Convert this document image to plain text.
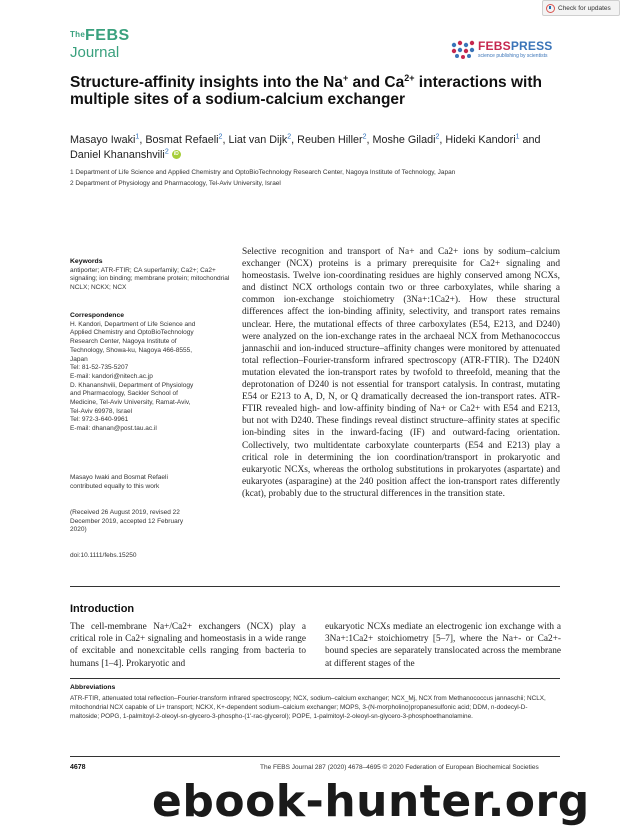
Check for updates
The FEBS
Journal	FEBSPRESS
science publishing by scientists
Structure-affinity insights into the Na+ and $Ca^{2+}$ interactions with multiple sites of a sodium-calcium exchanger
Masayo Iwaki$^1$, Bosmat Refaeli$^2$, Liat van Dijk$^2$, Reuben Hiller$^2$, Moshe Giladi$^2$, Hideki Kandori$^1$ and Daniel Khananshvili$^2$ iD
1 Department of Life Science and Applied Chemistry and OptoBioTechnology Research Center, Nagoya Institute of Technology, Japan
2 Department of Physiology and Pharmacology, Tel-Aviv University, Israel
Keywords
antiporter; ATR-FTIR; CA superfamily; Ca2+; Ca2+ signaling; ion binding; membrane protein; mitochondrial NCLX; NCKX; NCX
Correspondence
H. Kandori, Department of Life Science and
Applied Chemistry and OptoBioTechnology
Research Center, Nagoya Institute of
Technology, Showa-ku, Nagoya 466-8555,
Japan
Tel: 81-52-735-5207
E-mail: kandori@nitech.ac.jp
D. Khananshvili, Department of Physiology
and Pharmacology, Sackler School of
Medicine, Tel-Aviv University, Ramat-Aviv,
Tel-Aviv 69978, Israel
Tel: 972-3-640-9961
E-mail: dhanan@post.tau.ac.il
Masayo Iwaki and Bosmat Refaeli
contributed equally to this work
(Received 26 August 2019, revised 22
December 2019, accepted 12 February
2020)
doi:10.1111/febs.15250
Selective recognition and transport of Na+ and Ca2+ ions by sodium–calcium exchanger (NCX) proteins is a primary prerequisite for Ca2+ signaling and homeostasis. Twelve ion-coordinating residues are highly conserved among NCXs, and distinct NCX orthologs contain two or three carboxylates, while sharing a common ion-exchange stoichiometry (3Na+:1Ca2+). How these structural differences affect the ion-binding affinity, selectivity, and transport rates remains unclear. Here, the mutational effects of three carboxylates (E54, E213, and D240) were analyzed on the ion-exchange rates in the archaeal NCX from Methanococcus jannaschii and ion-induced structure–affinity changes were monitored by attenuated total reflection–Fourier-transform infrared spectroscopy (ATR-FTIR). The D240N mutation elevated the ion-transport rates by twofold to threefold, meaning that the deprotonation of D240 is not essential for transport catalysis. In contrast, mutating E54 or E213 to A, D, N, or Q dramatically decreased the ion-transport rates. ATR-FTIR revealed high- and low-affinity binding of Na+ or Ca2+ with E54 and E213, but not with D240. These findings reveal distinct structure–affinity states at specific ion-binding sites in the inward-facing (IF) and outward-facing orientation. Collectively, two multidentate carboxylate counterparts (E54 and E213) play a critical role in determining the ion coordination/transport in prokaryotic and eukaryotic NCXs, whereas the ortholog substitutions in prokaryotes (aspartate) and eukaryotes (asparagine) at the 240 position affect the ion-transport rates differently (kcat), probably due to the structural differences in the transition state.
Introduction
The cell-membrane Na+/Ca2+ exchangers (NCX) play a critical role in Ca2+ signaling and homeostasis in a wide range of excitable and nonexcitable cells ranging from bacteria to humans [1–4]. Prokaryotic and
eukaryotic NCXs mediate an electrogenic ion exchange with a 3Na+:1Ca2+ stoichiometry [5–7], where the Na+- or Ca2+-bound species are separately translocated across the membrane at different stages of the
Abbreviations
ATR-FTIR, attenuated total reflection–Fourier-transform infrared spectroscopy; NCX, sodium–calcium exchanger; NCX_Mj, NCX from Methanococcus jannaschii; NCLX, mitochondrial NCX capable of Li+ transport; NCKX, K+-dependent sodium–calcium exchanger; MOPS, 3-(N-morpholino)propanesulfonic acid; DDM, n-dodecyl-D-maltoside; POPG, 1-palmitoyl-2-oleoyl-sn-glycero-3-phospho-(1'-rac-glycerol); POPE, 1-palmitoyl-2-oleoyl-sn-glycero-3-phosphoethanolamine.
4678	The FEBS Journal 287 (2020) 4678–4695 © 2020 Federation of European Biochemical Societies
ebook-hunter.org
